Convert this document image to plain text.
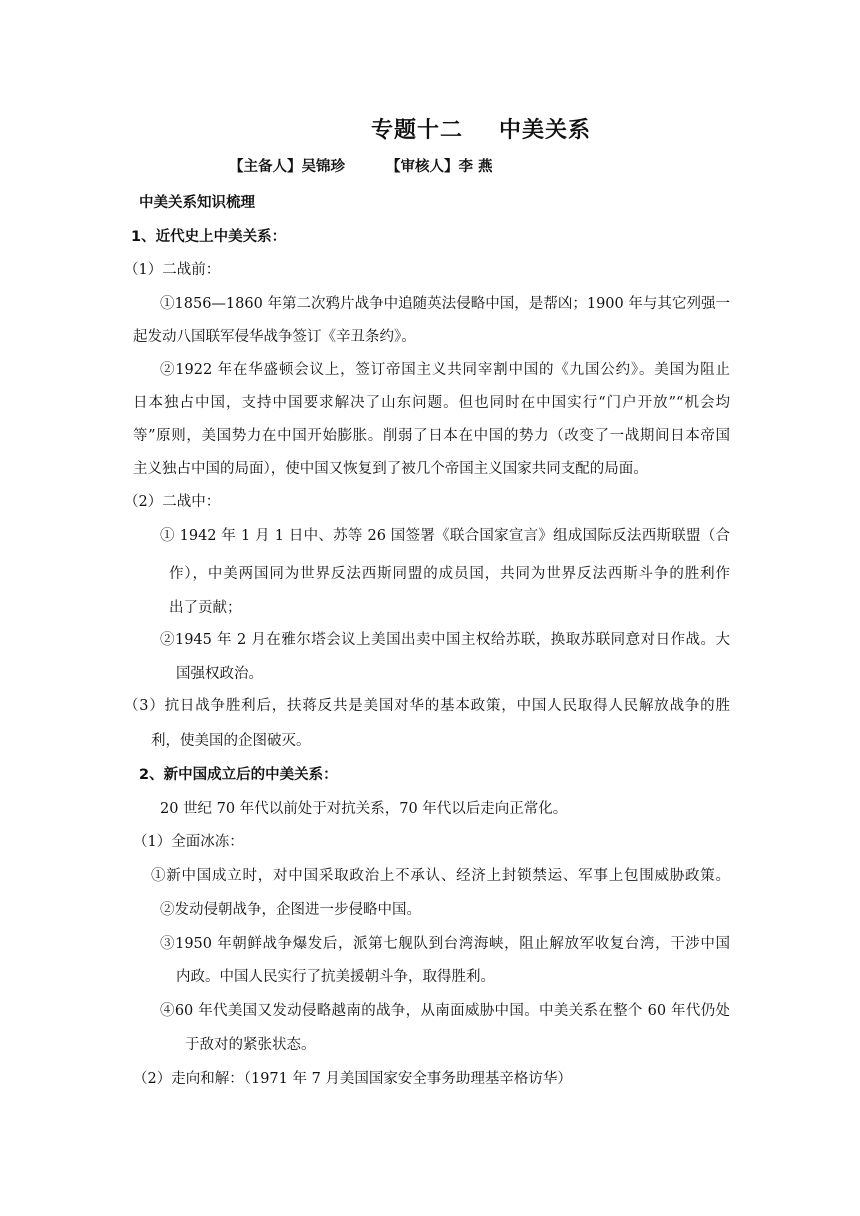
专题十二 中美关系
【主备人】吴锦珍	【审核人】李 燕
中美关系知识梳理
1、近代史上中美关系：
（1）二战前：
①1856—1860 年第二次鸦片战争中追随英法侵略中国，是帮凶；1900 年与其它列强一
起发动八国联军侵华战争签订《辛丑条约》。
②1922 年在华盛顿会议上，签订帝国主义共同宰割中国的《九国公约》。美国为阻止
日本独占中国，支持中国要求解决了山东问题。但也同时在中国实行“门户开放”“机会均
等”原则，美国势力在中国开始膨胀。削弱了日本在中国的势力（改变了一战期间日本帝国
主义独占中国的局面），使中国又恢复到了被几个帝国主义国家共同支配的局面。
（2）二战中：
① 1942 年 1 月 1 日中、苏等 26 国签署《联合国家宣言》组成国际反法西斯联盟（合
作），中美两国同为世界反法西斯同盟的成员国，共同为世界反法西斯斗争的胜利作
出了贡献；
②1945 年 2 月在雅尔塔会议上美国出卖中国主权给苏联，换取苏联同意对日作战。大
国强权政治。
（3）抗日战争胜利后，扶蒋反共是美国对华的基本政策，中国人民取得人民解放战争的胜
利，使美国的企图破灭。
2、新中国成立后的中美关系：
20 世纪 70 年代以前处于对抗关系，70 年代以后走向正常化。
（1）全面冰冻：
①新中国成立时，对中国采取政治上不承认、经济上封锁禁运、军事上包围威胁政策。
②发动侵朝战争，企图进一步侵略中国。
③1950 年朝鲜战争爆发后，派第七舰队到台湾海峡，阻止解放军收复台湾，干涉中国
内政。中国人民实行了抗美援朝斗争，取得胜利。
④60 年代美国又发动侵略越南的战争，从南面威胁中国。中美关系在整个 60 年代仍处
于敌对的紧张状态。
（2）走向和解：（1971 年 7 月美国国家安全事务助理基辛格访华）
